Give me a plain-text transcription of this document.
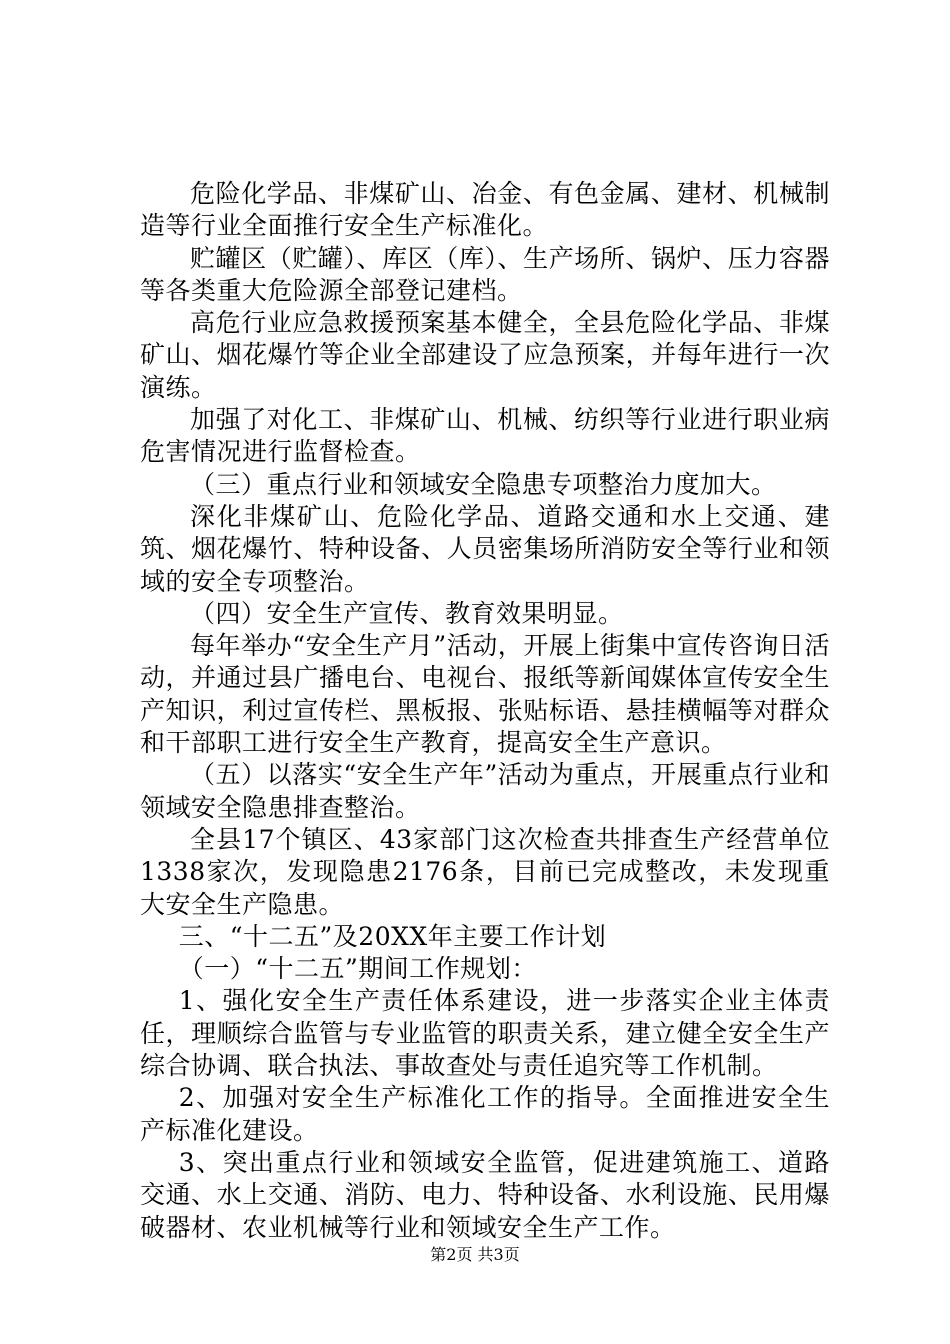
危险化学品、非煤矿山、冶金、有色金属、建材、机械制造等行业全面推行安全生产标准化。

贮罐区（贮罐）、库区（库）、生产场所、锅炉、压力容器等各类重大危险源全部登记建档。

高危行业应急救援预案基本健全，全县危险化学品、非煤矿山、烟花爆竹等企业全部建设了应急预案，并每年进行一次演练。

加强了对化工、非煤矿山、机械、纺织等行业进行职业病危害情况进行监督检查。

（三）重点行业和领域安全隐患专项整治力度加大。

深化非煤矿山、危险化学品、道路交通和水上交通、建筑、烟花爆竹、特种设备、人员密集场所消防安全等行业和领域的安全专项整治。

（四）安全生产宣传、教育效果明显。

每年举办“安全生产月”活动，开展上街集中宣传咨询日活动，并通过县广播电台、电视台、报纸等新闻媒体宣传安全生产知识，利过宣传栏、黑板报、张贴标语、悬挂横幅等对群众和干部职工进行安全生产教育，提高安全生产意识。

（五）以落实“安全生产年”活动为重点，开展重点行业和领域安全隐患排查整治。

全县17个镇区、43家部门这次检查共排查生产经营单位1338家次，发现隐患2176条，目前已完成整改，未发现重大安全生产隐患。

三、“十二五”及20XX年主要工作计划

（一）“十二五”期间工作规划：

1、强化安全生产责任体系建设，进一步落实企业主体责任，理顺综合监管与专业监管的职责关系，建立健全安全生产综合协调、联合执法、事故查处与责任追究等工作机制。

2、加强对安全生产标准化工作的指导。全面推进安全生产标准化建设。

3、突出重点行业和领域安全监管，促进建筑施工、道路交通、水上交通、消防、电力、特种设备、水利设施、民用爆破器材、农业机械等行业和领域安全生产工作。

第2页 共3页
